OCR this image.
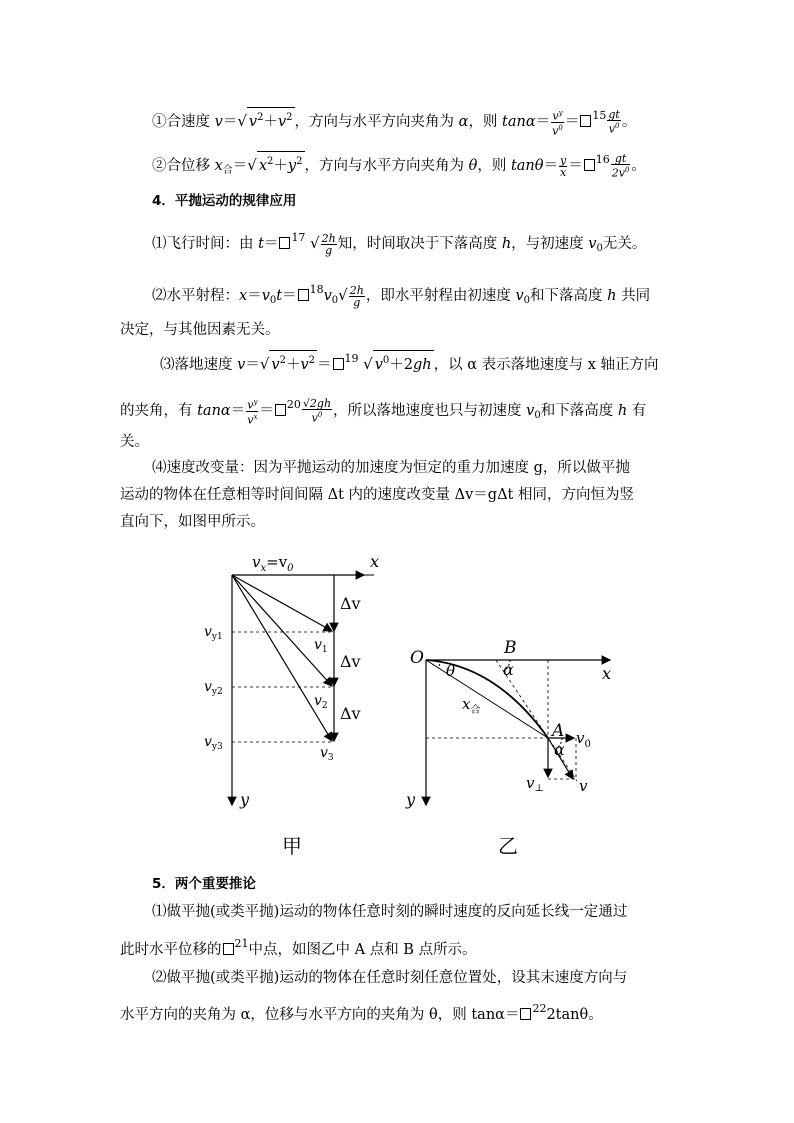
①合速度 v＝√ $v^2+v^2$ ，方向与水平方向夹角为 α，则 $\tan\alpha= \frac{v^y}{v^0} = ^{15} \frac{gt}{v^0}$ 。
②合位移 $x_合=√$ $x^2+y^2$ ，方向与水平方向夹角为 θ，则 $\tan\theta= \frac{y}{x} = ^{16} \frac{gt}{2v^0}$ 。
4．平抛运动的规律应用
⑴飞行时间：由 t＝ $^{17}$ √ $\frac{2h}{g}$ 知，时间取决于下落高度 h，与初速度 $v_0$无关。
⑵水平射程：$x=v_0t= ^{18}v_0√ \frac{2h}{g}$ ，即水平射程由初速度 $v_0$和下落高度 h 共同
决定，与其他因素无关。
⑶落地速度 v＝√ $v^2+v^2 = ^{19}$ √ $v^0+2gh$ ，以 α 表示落地速度与 x 轴正方向
的夹角，有 $\tan\alpha= \frac{v^y}{v^x} = ^{20} \frac{√2gh}{v^0}$ ，所以落地速度也只与初速度 $v_0$和下落高度 h 有
关。
⑷速度改变量：因为平抛运动的加速度为恒定的重力加速度 g，所以做平抛
运动的物体在任意相等时间间隔 Δt 内的速度改变量 Δv＝gΔt 相同，方向恒为竖
直向下，如图甲所示。
$v_x=v_0$	x
y
Δv
Δv
Δv
$v_{y1}$
$v_{y2}$
$v_{y3}$
$v_1$
$v_2$
$v_3$
甲
O	B
A
θ	α
α
x
y
$x_合$
$v_0$
$v_\perp$ v
乙
5．两个重要推论
⑴做平抛(或类平抛)运动的物体任意时刻的瞬时速度的反向延长线一定通过
此时水平位移的 $^{21}$中点，如图乙中 A 点和 B 点所示。
⑵做平抛(或类平抛)运动的物体在任意时刻任意位置处，设其末速度方向与
水平方向的夹角为 α，位移与水平方向的夹角为 θ，则 tanα＝ $^{22}$2tanθ。
